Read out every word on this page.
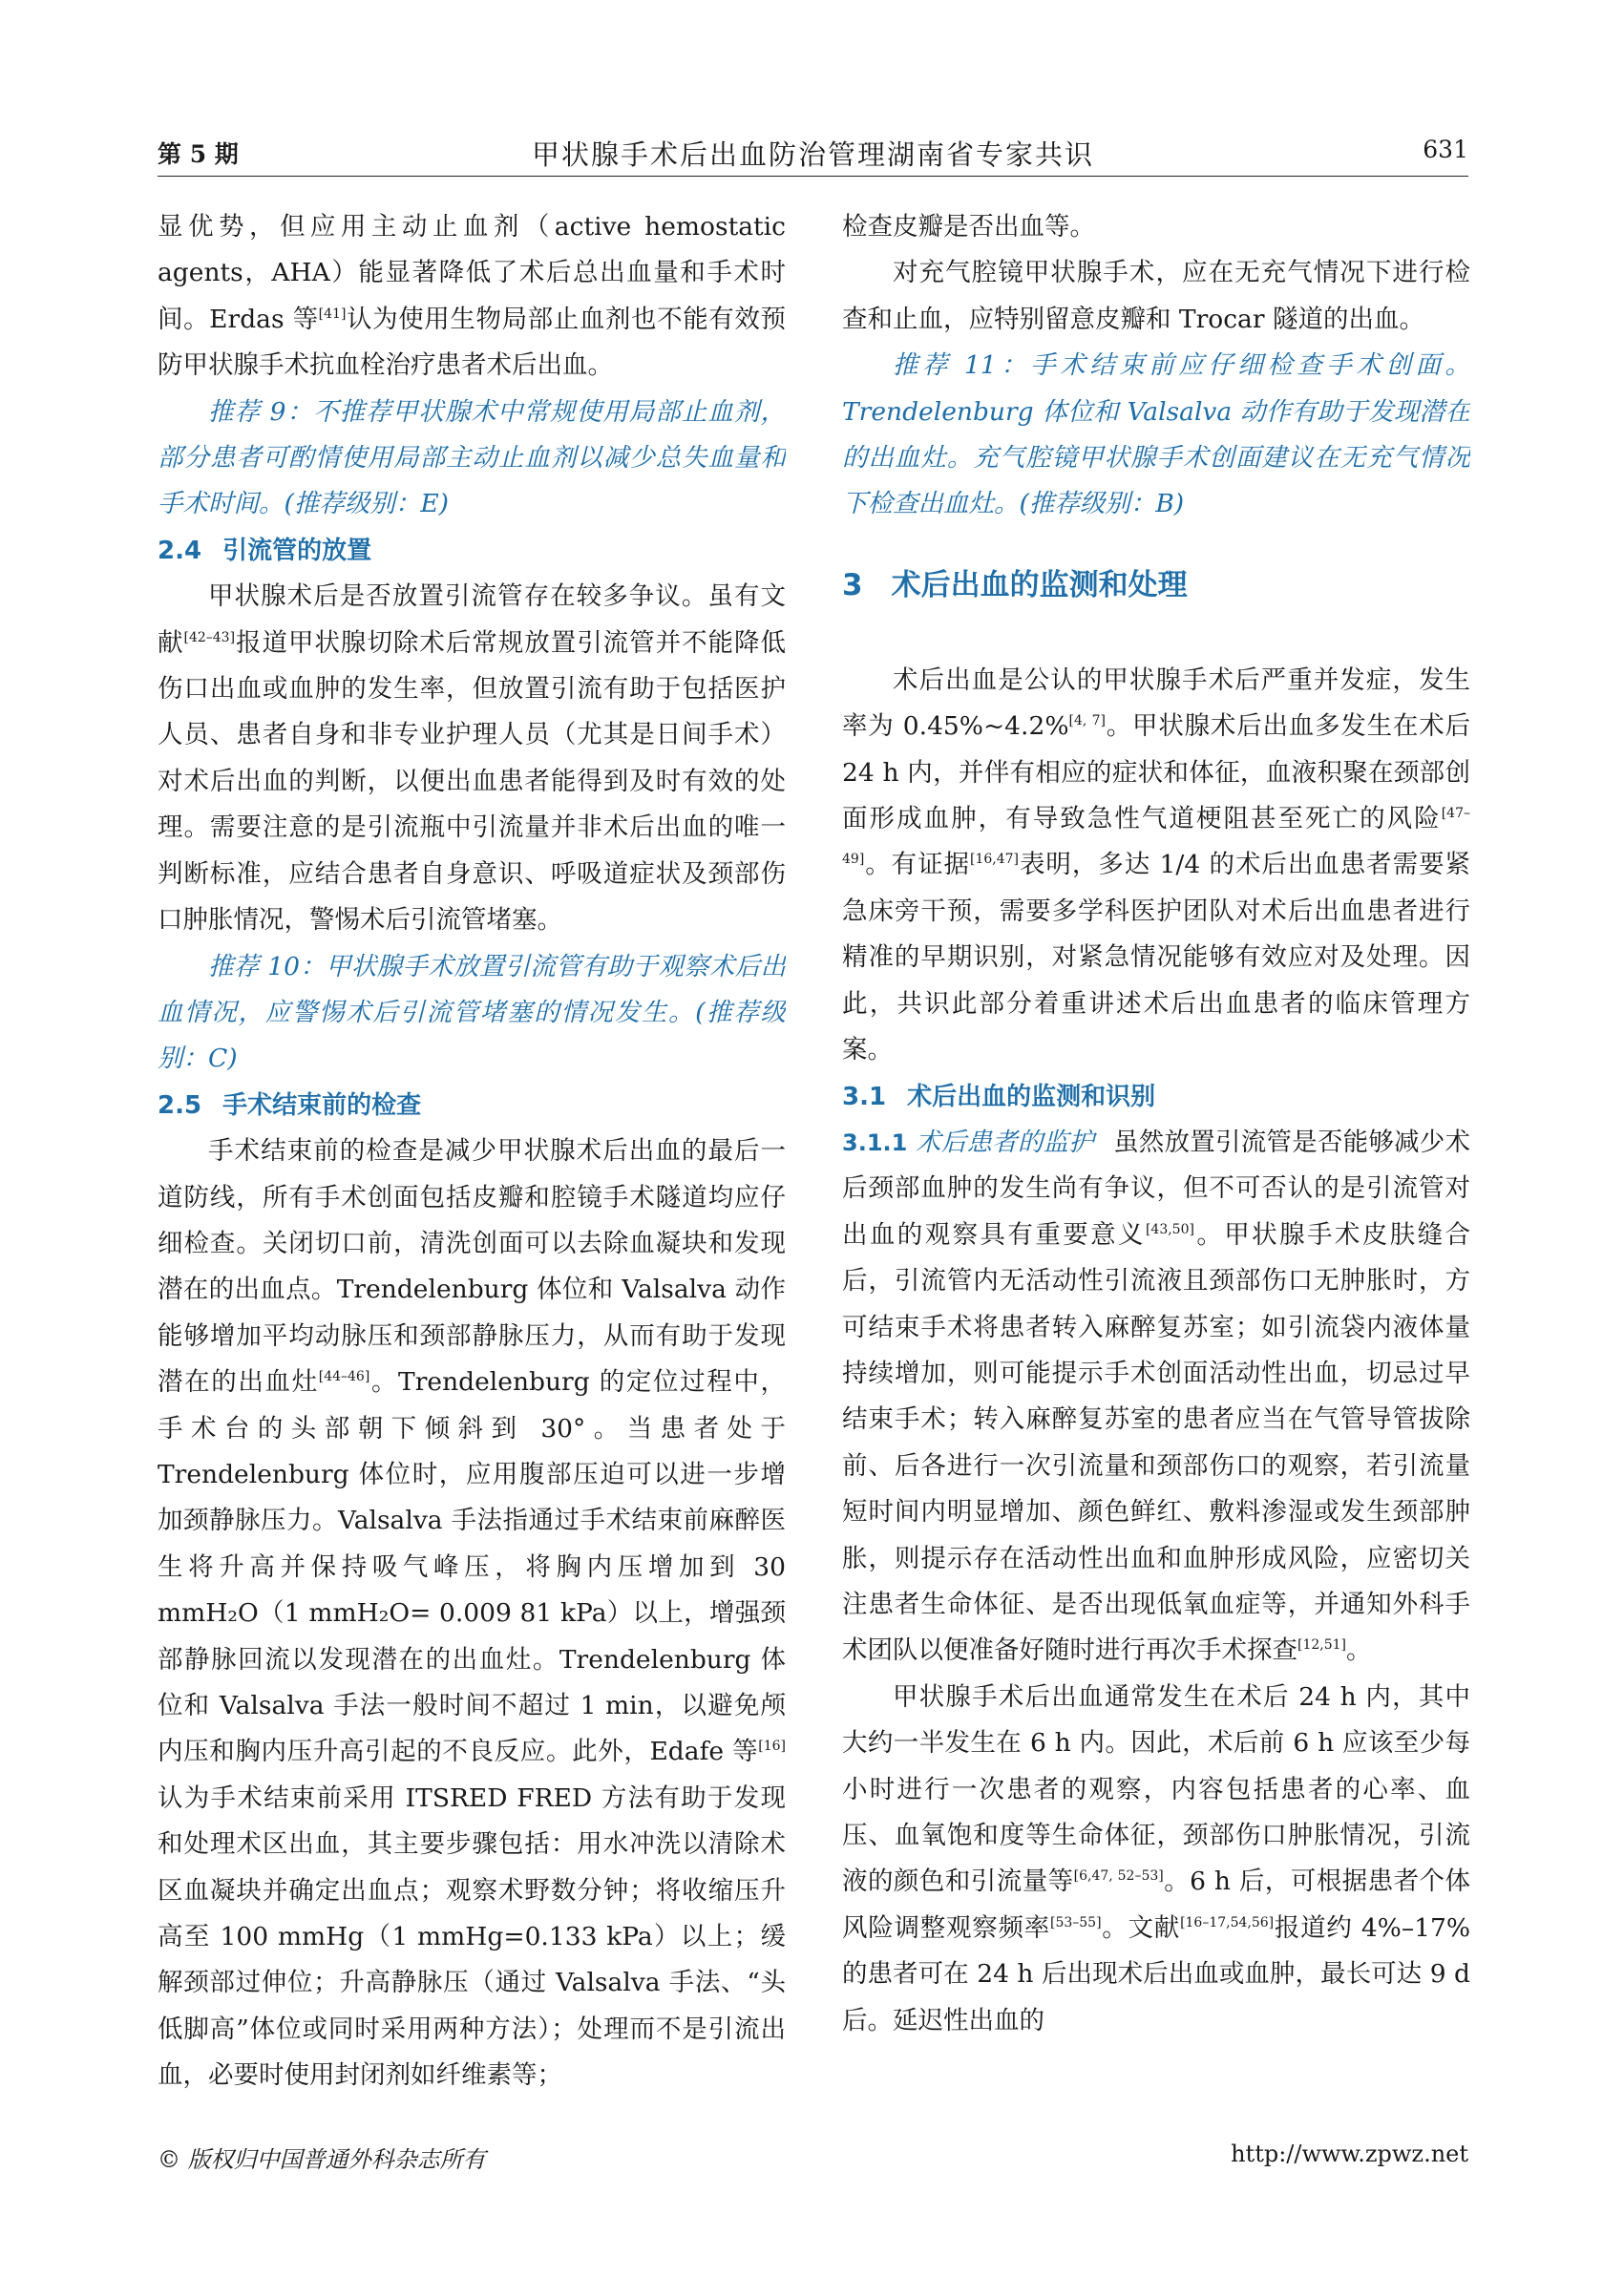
第 5 期	甲状腺手术后出血防治管理湖南省专家共识	631

显优势，但应用主动止血剂（active hemostatic agents，AHA）能显著降低了术后总出血量和手术时间。Erdas 等[41]认为使用生物局部止血剂也不能有效预防甲状腺手术抗血栓治疗患者术后出血。

推荐 9：不推荐甲状腺术中常规使用局部止血剂，部分患者可酌情使用局部主动止血剂以减少总失血量和手术时间。(推荐级别：E)

2.4 引流管的放置

甲状腺术后是否放置引流管存在较多争议。虽有文献[42–43]报道甲状腺切除术后常规放置引流管并不能降低伤口出血或血肿的发生率，但放置引流有助于包括医护人员、患者自身和非专业护理人员（尤其是日间手术）对术后出血的判断，以便出血患者能得到及时有效的处理。需要注意的是引流瓶中引流量并非术后出血的唯一判断标准，应结合患者自身意识、呼吸道症状及颈部伤口肿胀情况，警惕术后引流管堵塞。

推荐 10：甲状腺手术放置引流管有助于观察术后出血情况，应警惕术后引流管堵塞的情况发生。(推荐级别：C)

2.5 手术结束前的检查

手术结束前的检查是减少甲状腺术后出血的最后一道防线，所有手术创面包括皮瓣和腔镜手术隧道均应仔细检查。关闭切口前，清洗创面可以去除血凝块和发现潜在的出血点。Trendelenburg 体位和 Valsalva 动作能够增加平均动脉压和颈部静脉压力，从而有助于发现潜在的出血灶[44–46]。Trendelenburg 的定位过程中，手术台的头部朝下倾斜到 30°。当患者处于 Trendelenburg 体位时，应用腹部压迫可以进一步增加颈静脉压力。Valsalva 手法指通过手术结束前麻醉医生将升高并保持吸气峰压，将胸内压增加到 30 mmH₂O（1 mmH₂O= 0.009 81 kPa）以上，增强颈部静脉回流以发现潜在的出血灶。Trendelenburg 体位和 Valsalva 手法一般时间不超过 1 min，以避免颅内压和胸内压升高引起的不良反应。此外，Edafe 等[16]认为手术结束前采用 ITSRED FRED 方法有助于发现和处理术区出血，其主要步骤包括：用水冲洗以清除术区血凝块并确定出血点；观察术野数分钟；将收缩压升高至 100 mmHg（1 mmHg=0.133 kPa）以上；缓解颈部过伸位；升高静脉压（通过 Valsalva 手法、“头低脚高”体位或同时采用两种方法）；处理而不是引流出血，必要时使用封闭剂如纤维素等；

检查皮瓣是否出血等。

对充气腔镜甲状腺手术，应在无充气情况下进行检查和止血，应特别留意皮瓣和 Trocar 隧道的出血。

推荐 11：手术结束前应仔细检查手术创面。Trendelenburg 体位和 Valsalva 动作有助于发现潜在的出血灶。充气腔镜甲状腺手术创面建议在无充气情况下检查出血灶。(推荐级别：B)

3 术后出血的监测和处理

术后出血是公认的甲状腺手术后严重并发症，发生率为 0.45%~4.2%[4, 7]。甲状腺术后出血多发生在术后 24 h 内，并伴有相应的症状和体征，血液积聚在颈部创面形成血肿，有导致急性气道梗阻甚至死亡的风险[47–49]。有证据[16,47]表明，多达 1/4 的术后出血患者需要紧急床旁干预，需要多学科医护团队对术后出血患者进行精准的早期识别，对紧急情况能够有效应对及处理。因此，共识此部分着重讲述术后出血患者的临床管理方案。

3.1 术后出血的监测和识别

3.1.1 术后患者的监护 虽然放置引流管是否能够减少术后颈部血肿的发生尚有争议，但不可否认的是引流管对出血的观察具有重要意义[43,50]。甲状腺手术皮肤缝合后，引流管内无活动性引流液且颈部伤口无肿胀时，方可结束手术将患者转入麻醉复苏室；如引流袋内液体量持续增加，则可能提示手术创面活动性出血，切忌过早结束手术；转入麻醉复苏室的患者应当在气管导管拔除前、后各进行一次引流量和颈部伤口的观察，若引流量短时间内明显增加、颜色鲜红、敷料渗湿或发生颈部肿胀，则提示存在活动性出血和血肿形成风险，应密切关注患者生命体征、是否出现低氧血症等，并通知外科手术团队以便准备好随时进行再次手术探查[12,51]。

甲状腺手术后出血通常发生在术后 24 h 内，其中大约一半发生在 6 h 内。因此，术后前 6 h 应该至少每小时进行一次患者的观察，内容包括患者的心率、血压、血氧饱和度等生命体征，颈部伤口肿胀情况，引流液的颜色和引流量等[6,47, 52–53]。6 h 后，可根据患者个体风险调整观察频率[53–55]。文献[16–17,54,56]报道约 4%–17% 的患者可在 24 h 后出现术后出血或血肿，最长可达 9 d 后。延迟性出血的

© 版权归中国普通外科杂志所有	http://www.zpwz.net
